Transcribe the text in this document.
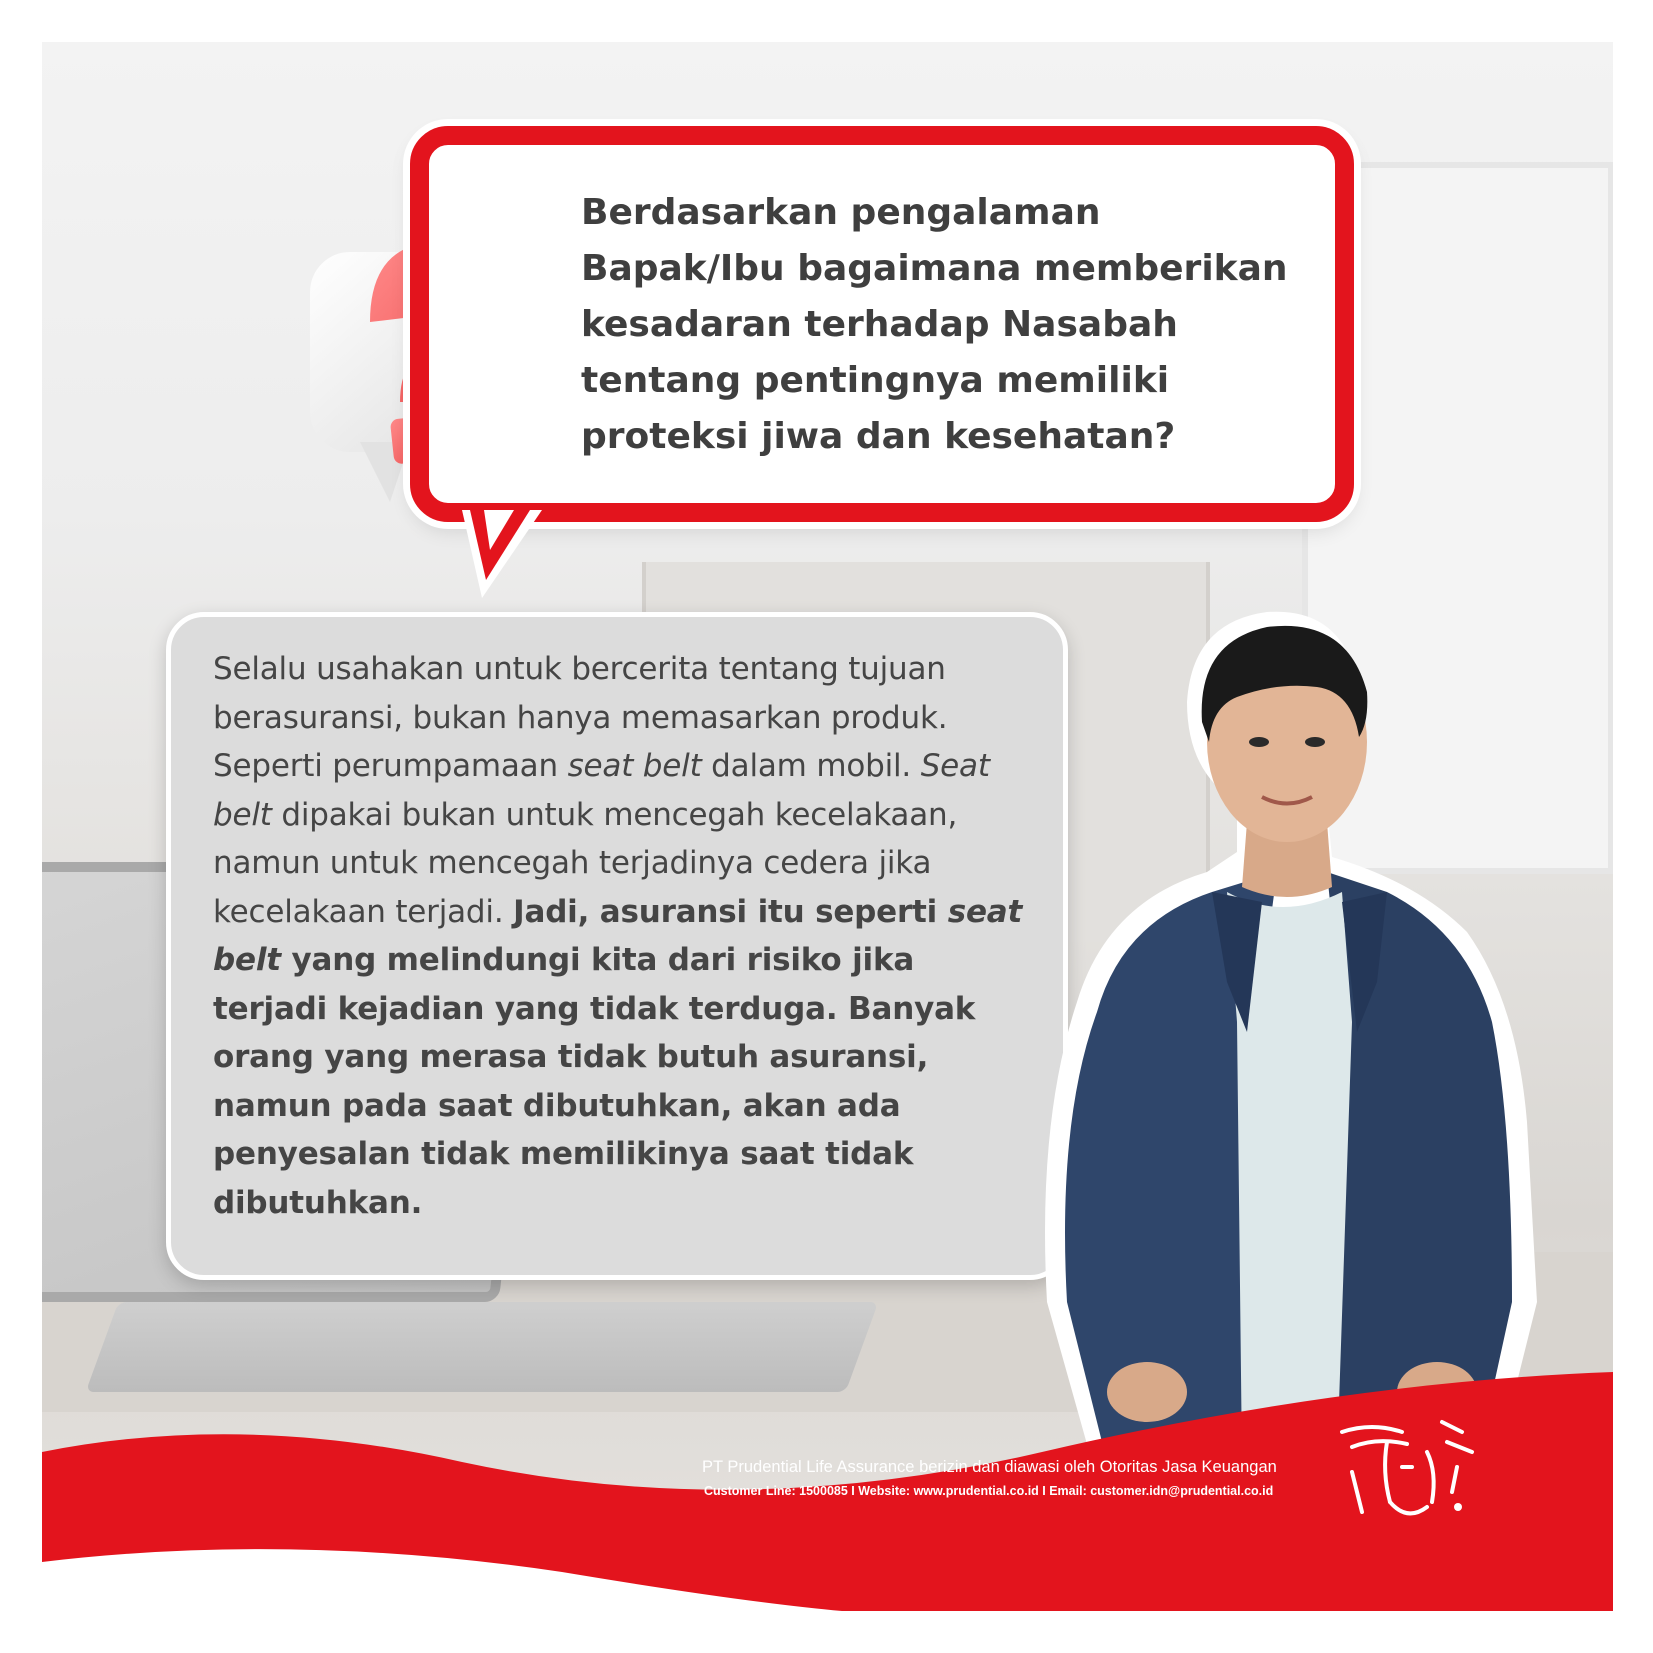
Berdasarkan pengalaman
Bapak/Ibu bagaimana memberikan
kesadaran terhadap Nasabah
tentang pentingnya memiliki
proteksi jiwa dan kesehatan?

Selalu usahakan untuk bercerita tentang tujuan berasuransi, bukan hanya memasarkan produk. Seperti perumpamaan seat belt dalam mobil. Seat belt dipakai bukan untuk mencegah kecelakaan, namun untuk mencegah terjadinya cedera jika kecelakaan terjadi. Jadi, asuransi itu seperti seat belt yang melindungi kita dari risiko jika terjadi kejadian yang tidak terduga. Banyak orang yang merasa tidak butuh asuransi, namun pada saat dibutuhkan, akan ada penyesalan tidak memilikinya saat tidak dibutuhkan.

PT Prudential Life Assurance berizin dan diawasi oleh Otoritas Jasa Keuangan

Customer Line: 1500085 I Website: www.prudential.co.id I Email: customer.idn@prudential.co.id
